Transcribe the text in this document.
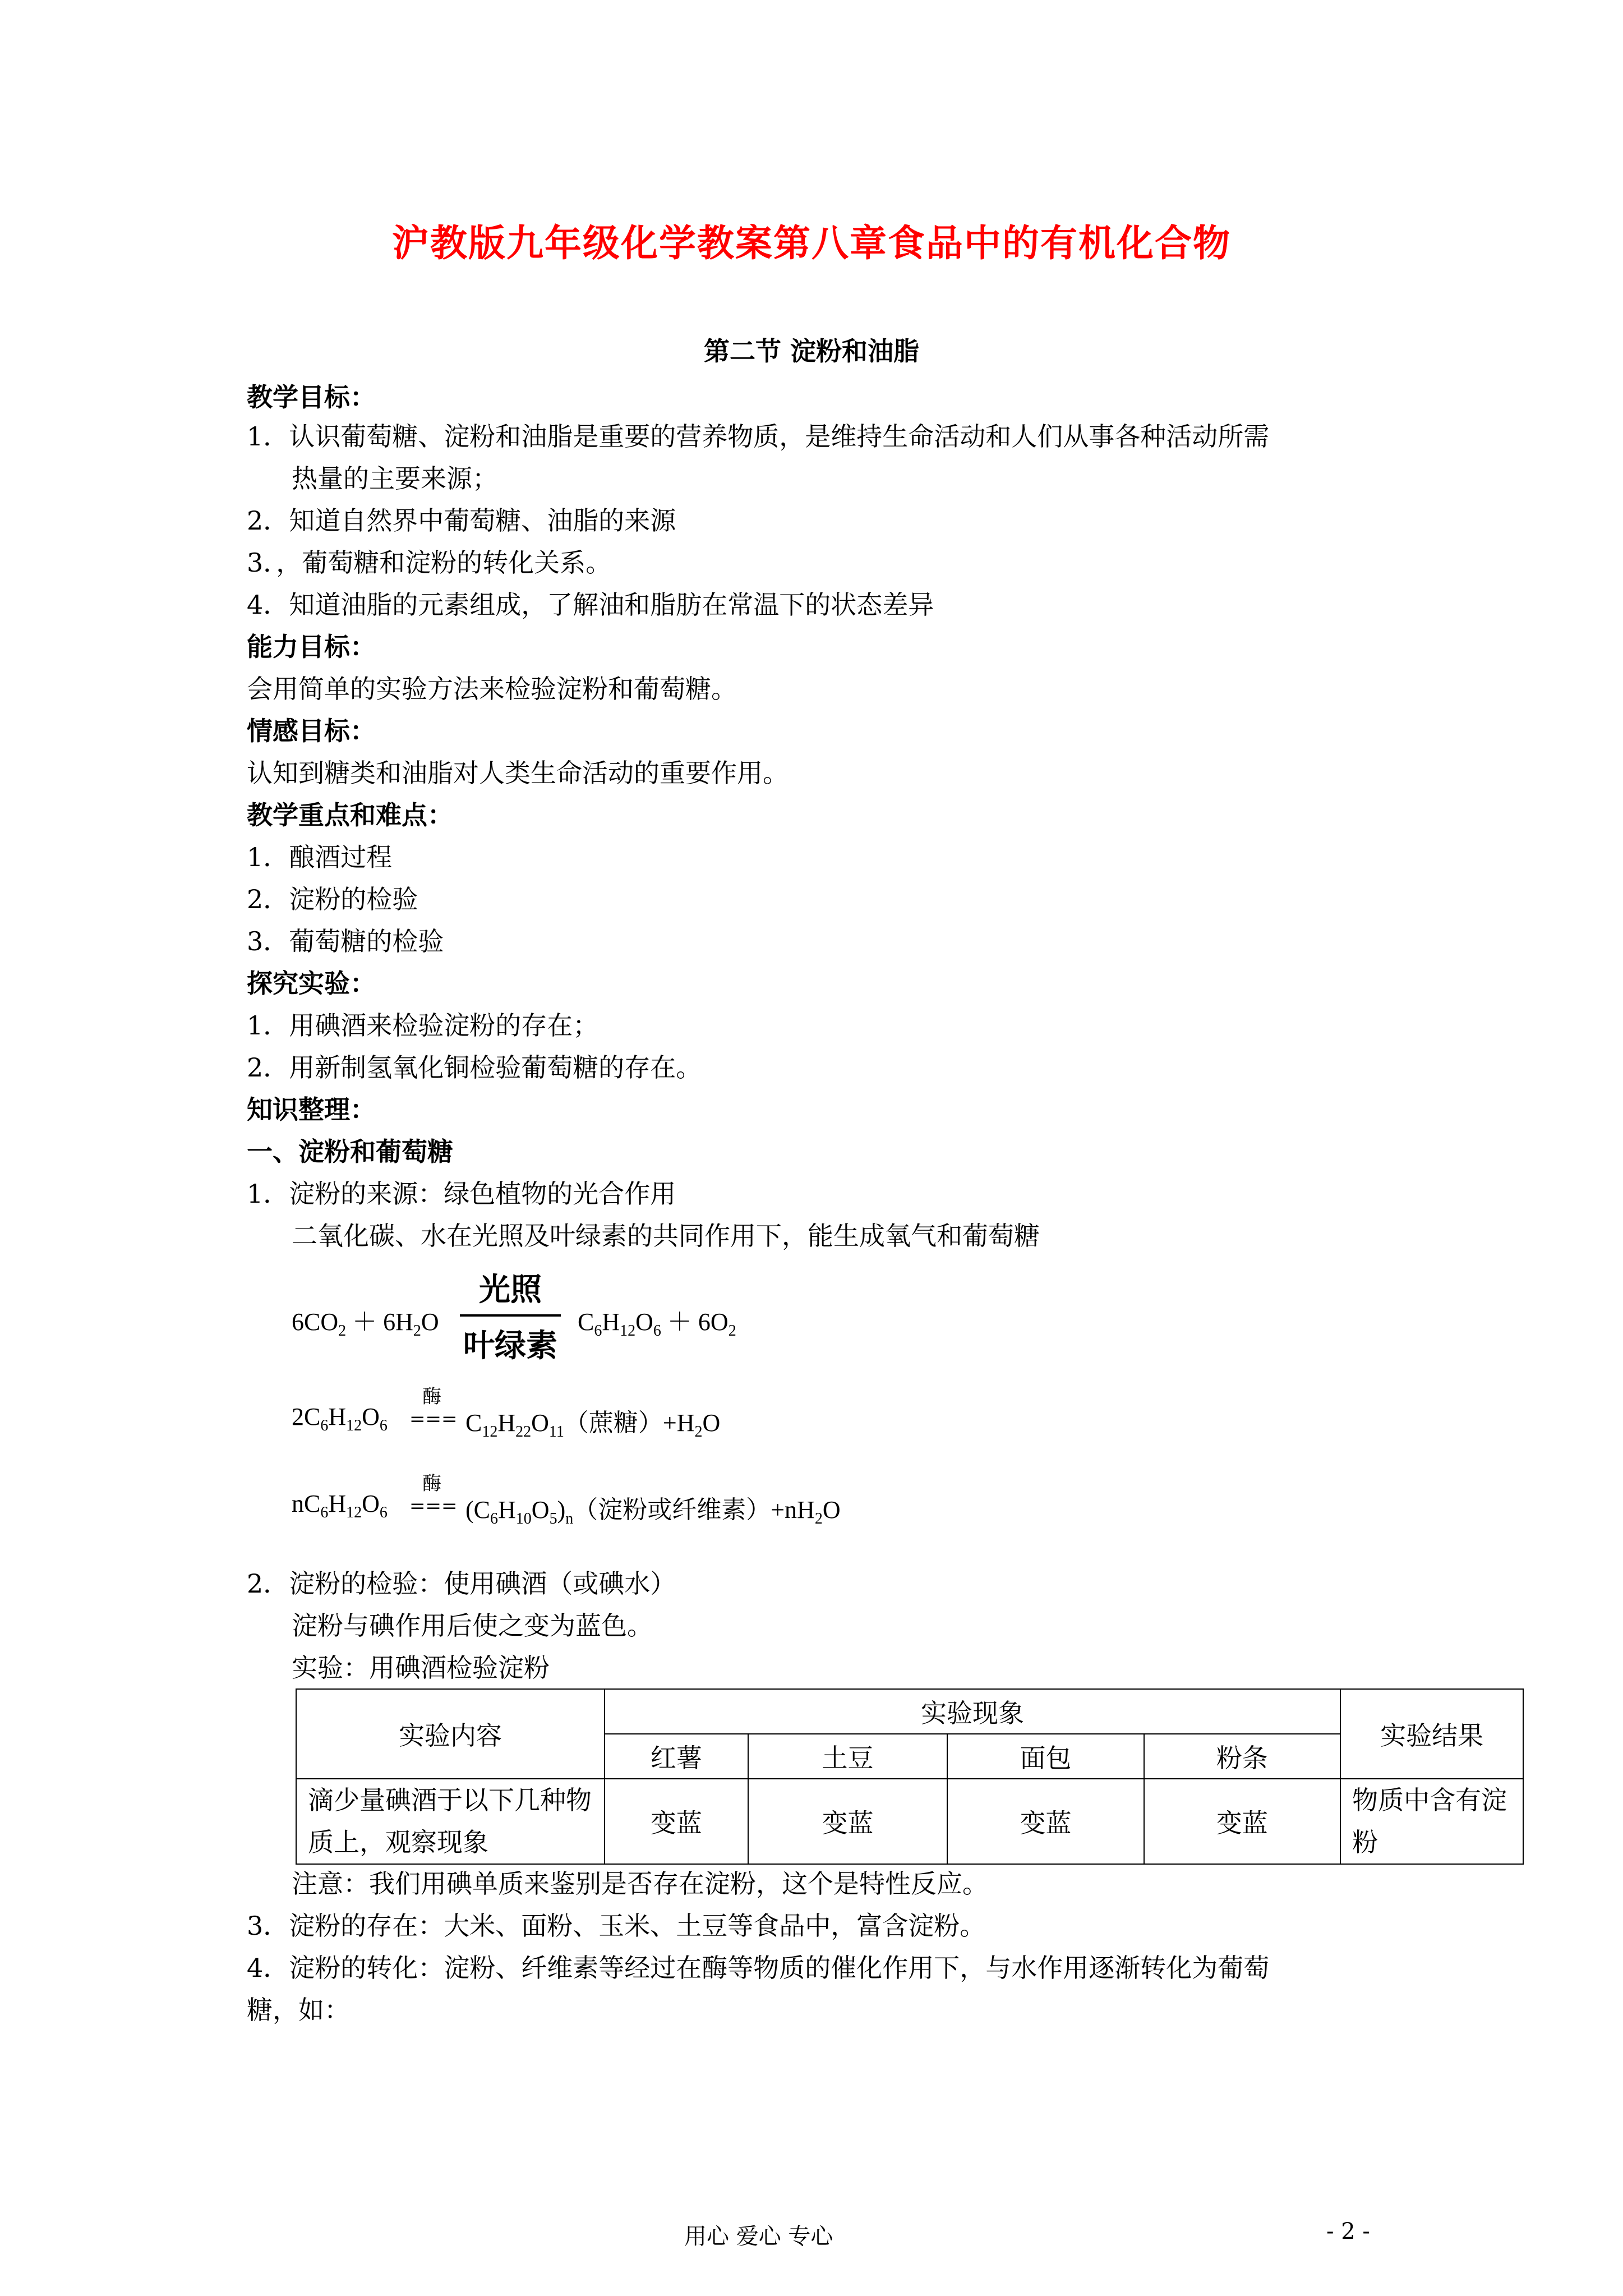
沪教版九年级化学教案第八章食品中的有机化合物
第二节 淀粉和油脂
教学目标：
1．认识葡萄糖、淀粉和油脂是重要的营养物质，是维持生命活动和人们从事各种活动所需
热量的主要来源；
2．知道自然界中葡萄糖、油脂的来源
3．，葡萄糖和淀粉的转化关系。
4．知道油脂的元素组成，了解油和脂肪在常温下的状态差异
能力目标：
会用简单的实验方法来检验淀粉和葡萄糖。
情感目标：
认知到糖类和油脂对人类生命活动的重要作用。
教学重点和难点：
1．酿酒过程
2．淀粉的检验
3．葡萄糖的检验
探究实验：
1．用碘酒来检验淀粉的存在；
2．用新制氢氧化铜检验葡萄糖的存在。
知识整理：
一、淀粉和葡萄糖
1．淀粉的来源：绿色植物的光合作用
二氧化碳、水在光照及叶绿素的共同作用下，能生成氧气和葡萄糖
$6CO_2 + 6H_2O$
光照
叶绿素
$C_6H_{12}O_6 + 6O_2$
$2C_6H_{12}O_6$
酶
=== $C_{12}H_{22}O_{11}$（蔗糖）$+H_2O$
$nC_6H_{12}O_6$
酶
=== $(C_6H_{10}O_5)_n$（淀粉或纤维素）$+nH_2O$
2．淀粉的检验：使用碘酒（或碘水）
淀粉与碘作用后使之变为蓝色。
实验：用碘酒检验淀粉
实验内容	实验现象				实验结果
	红薯	土豆	面包	粉条	
滴少量碘酒于以下几种物质上，观察现象	变蓝	变蓝	变蓝	变蓝	物质中含有淀粉
注意：我们用碘单质来鉴别是否存在淀粉，这个是特性反应。
3．淀粉的存在：大米、面粉、玉米、土豆等食品中，富含淀粉。
4．淀粉的转化：淀粉、纤维素等经过在酶等物质的催化作用下，与水作用逐渐转化为葡萄
糖，如：
用心 爱心 专心	- 2 -
